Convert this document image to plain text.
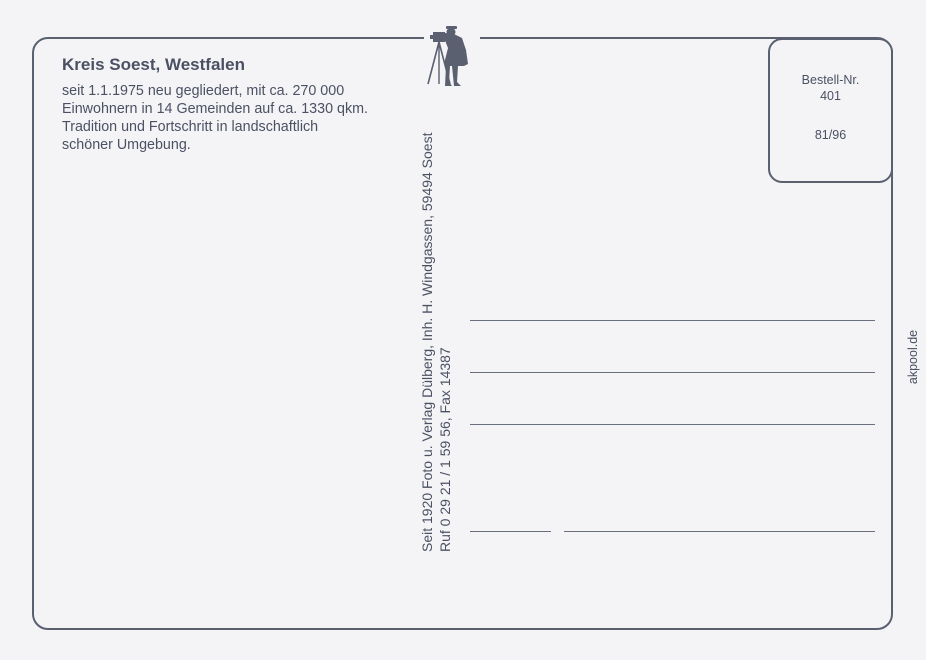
Kreis Soest, Westfalen
seit 1.1.1975 neu gegliedert, mit ca. 270 000
Einwohnern in 14 Gemeinden auf ca. 1330 qkm.
Tradition und Fortschritt in landschaftlich
schöner Umgebung.
Bestell-Nr.
401
81/96
Seit 1920 Foto u. Verlag Dülberg, Inh. H. Windgassen, 59494 Soest Ruf 0 29 21 / 1 59 56, Fax 14387	akpool.de
